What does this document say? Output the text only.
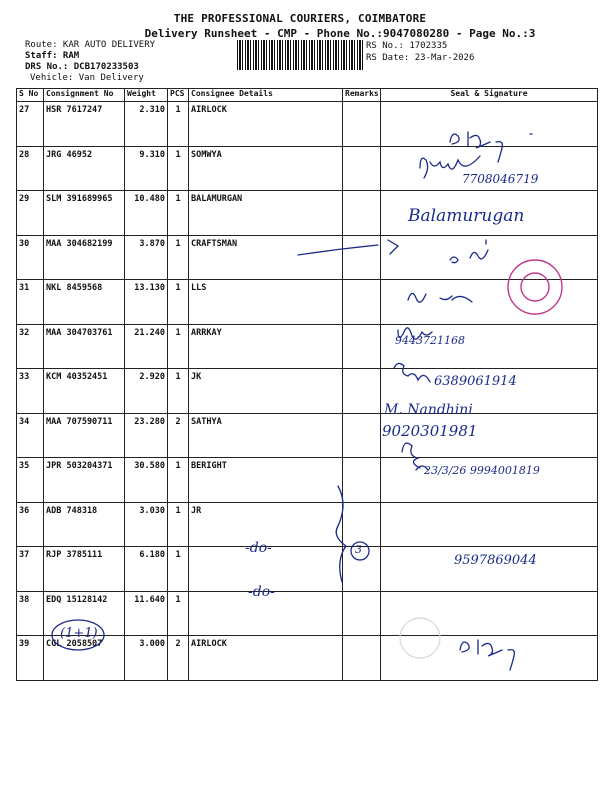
THE PROFESSIONAL COURIERS, COIMBATORE
Delivery Runsheet - CMP - Phone No.:9047080280 - Page No.:3
Route: KAR AUTO DELIVERY
Staff: RAM
DRS No.: DCB170233503
Vehicle: Van Delivery
RS No.: 1702335
RS Date: 23-Mar-2026
S No	Consignment No	Weight	PCS	Consignee Details	Remarks	Seal & Signature
27	HSR 7617247	2.310	1	AIRLOCK		
28	JRG 46952	9.310	1	SOMWYA		
29	SLM 391689965	10.480	1	BALAMURGAN		
30	MAA 304682199	3.870	1	CRAFTSMAN		
31	NKL 8459568	13.130	1	LLS		
32	MAA 304703761	21.240	1	ARRKAY		
33	KCM 40352451	2.920	1	JK		
34	MAA 707590711	23.280	2	SATHYA		
35	JPR 503204371	30.580	1	BERIGHT		
36	ADB 748318	3.030	1	JR		
37	RJP 3785111	6.180	1			
38	EDQ 15128142	11.640	1			
39	CGL 2058507	3.000	2	AIRLOCK		
7708046719
Balamurugan
9443721168
6389061914
M. Nandhini
9020301981
23/3/26 9994001819
3
9597869044
-do-
-do-
(1+1)
